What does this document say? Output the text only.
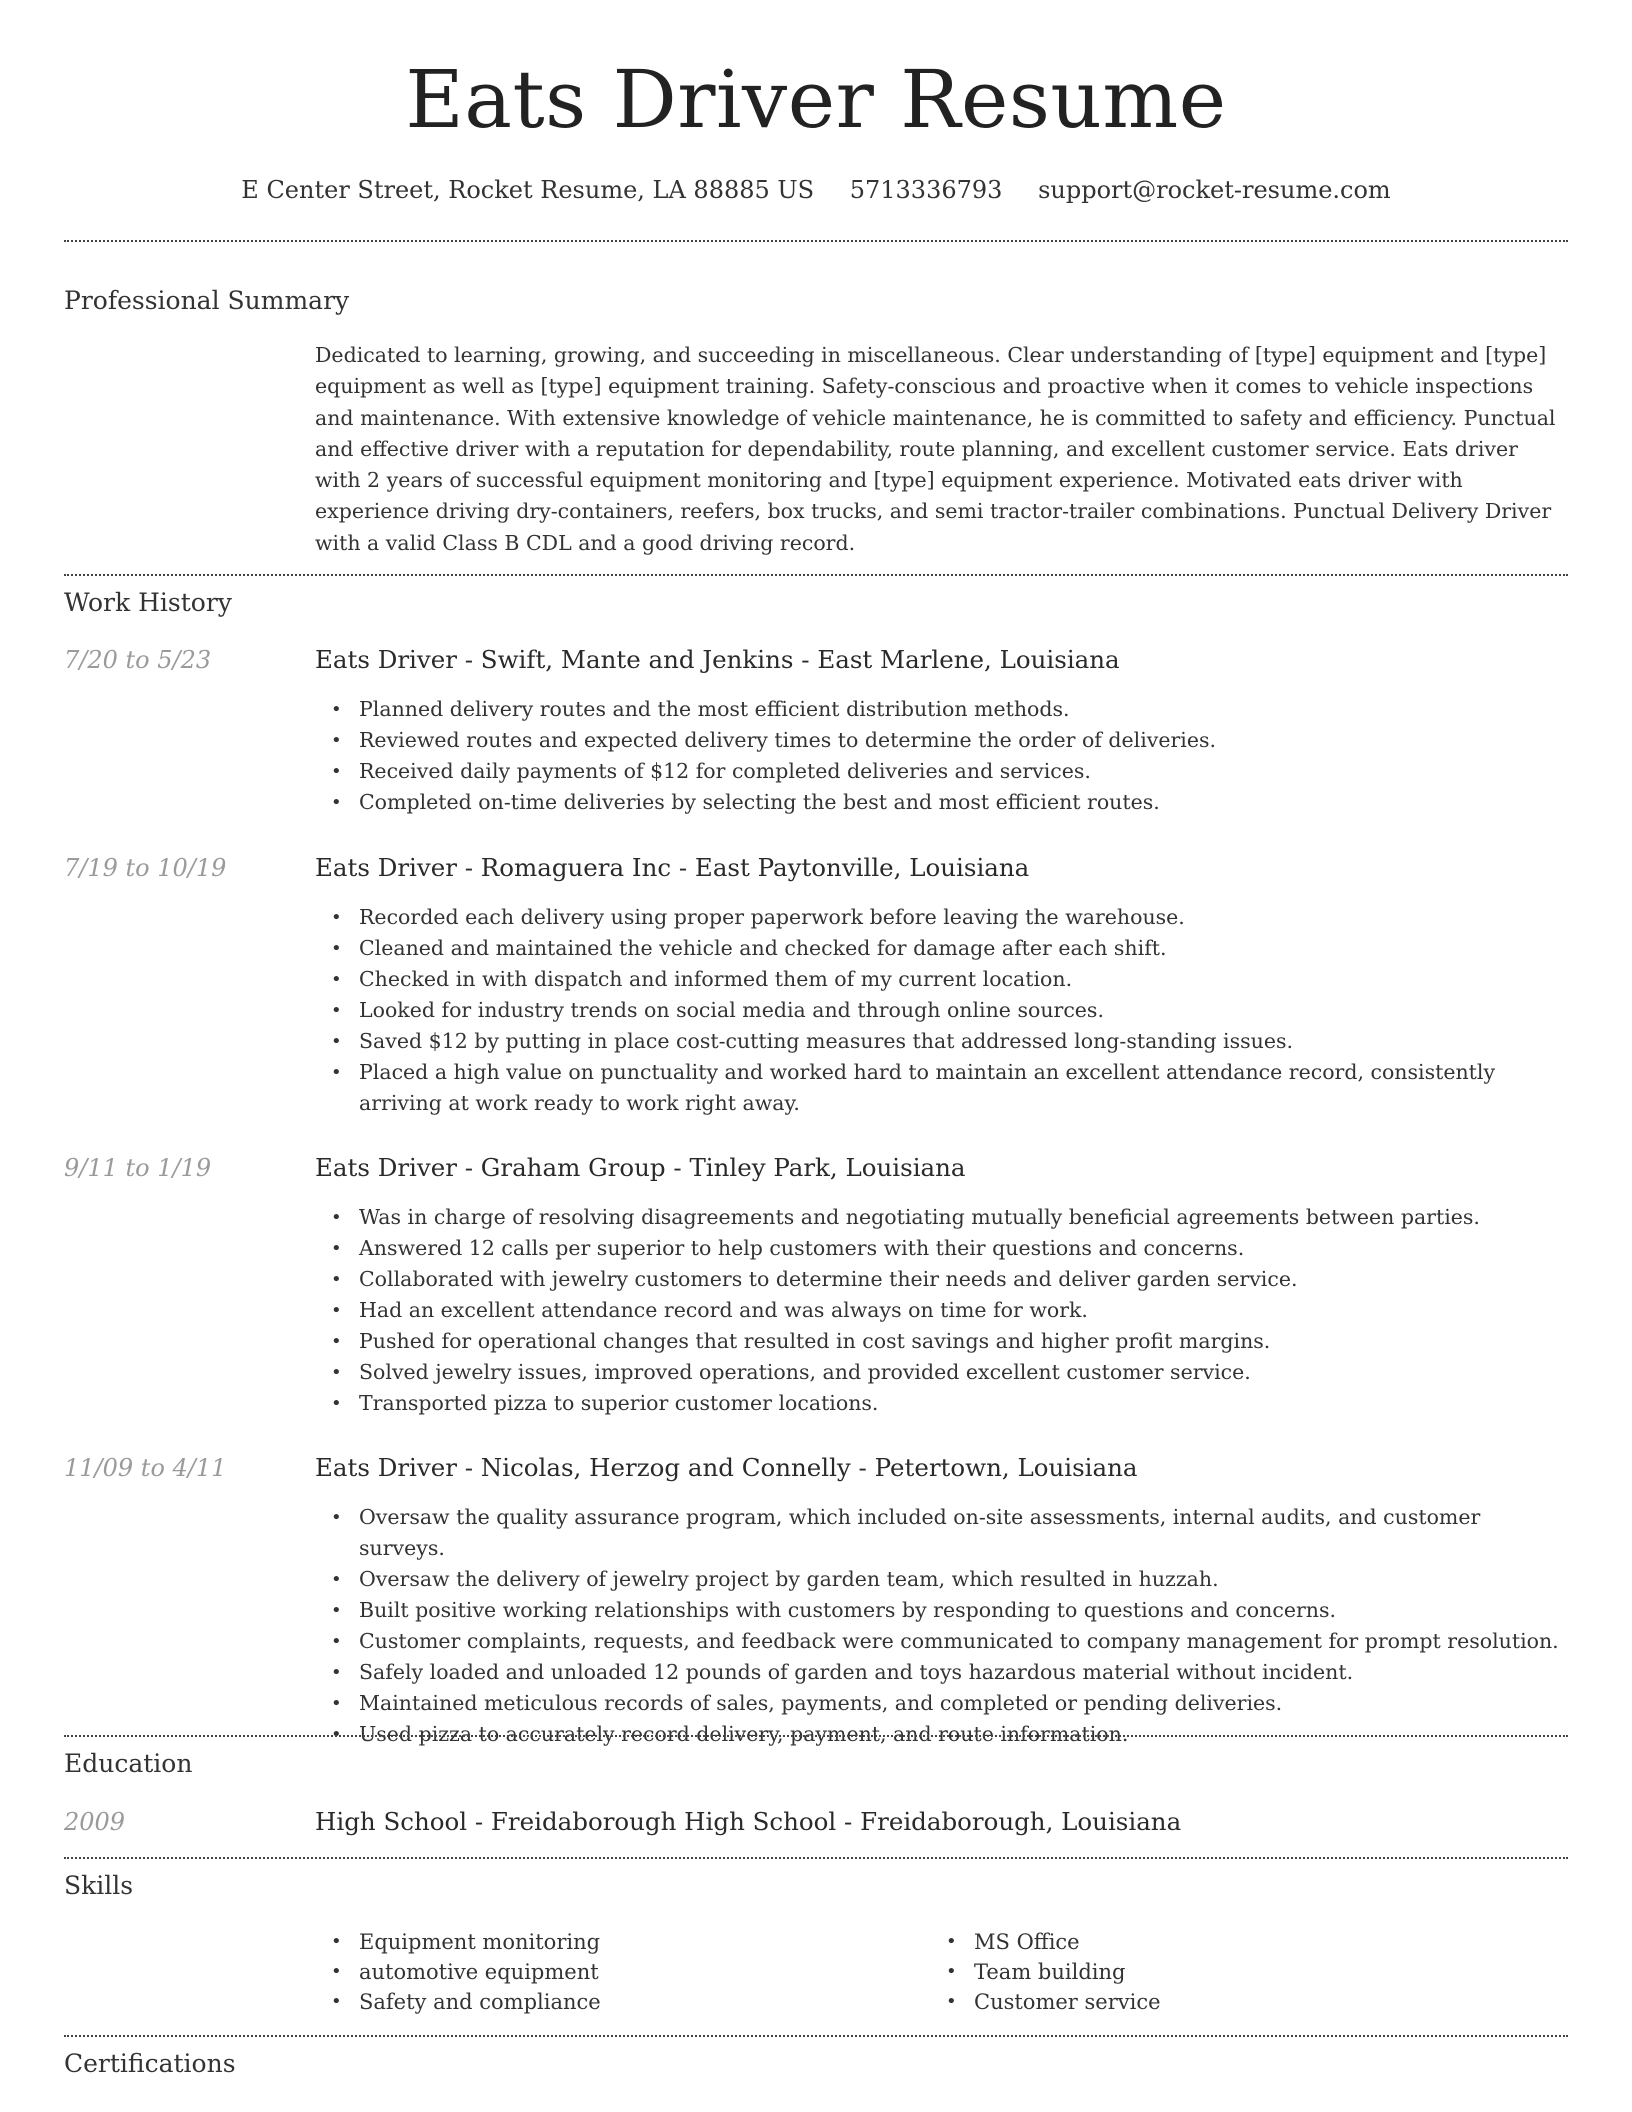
Eats Driver Resume
E Center Street, Rocket Resume, LA 88885 US 5713336793 support@rocket-resume.com
Professional Summary

Dedicated to learning, growing, and succeeding in miscellaneous. Clear understanding of [type] equipment and [type] equipment as well as [type] equipment training. Safety-conscious and proactive when it comes to vehicle inspections and maintenance. With extensive knowledge of vehicle maintenance, he is committed to safety and efficiency. Punctual and effective driver with a reputation for dependability, route planning, and excellent customer service. Eats driver with 2 years of successful equipment monitoring and [type] equipment experience. Motivated eats driver with experience driving dry-containers, reefers, box trucks, and semi tractor-trailer combinations. Punctual Delivery Driver with a valid Class B CDL and a good driving record.

Work History
7/20 to 5/23	Eats Driver - Swift, Mante and Jenkins - East Marlene, Louisiana
• Planned delivery routes and the most efficient distribution methods.
• Reviewed routes and expected delivery times to determine the order of deliveries.
• Received daily payments of $12 for completed deliveries and services.
• Completed on-time deliveries by selecting the best and most efficient routes.
7/19 to 10/19	Eats Driver - Romaguera Inc - East Paytonville, Louisiana
• Recorded each delivery using proper paperwork before leaving the warehouse.
• Cleaned and maintained the vehicle and checked for damage after each shift.
• Checked in with dispatch and informed them of my current location.
• Looked for industry trends on social media and through online sources.
• Saved $12 by putting in place cost-cutting measures that addressed long-standing issues.
• Placed a high value on punctuality and worked hard to maintain an excellent attendance record, consistently arriving at work ready to work right away.
9/11 to 1/19	Eats Driver - Graham Group - Tinley Park, Louisiana
• Was in charge of resolving disagreements and negotiating mutually beneficial agreements between parties.
• Answered 12 calls per superior to help customers with their questions and concerns.
• Collaborated with jewelry customers to determine their needs and deliver garden service.
• Had an excellent attendance record and was always on time for work.
• Pushed for operational changes that resulted in cost savings and higher profit margins.
• Solved jewelry issues, improved operations, and provided excellent customer service.
• Transported pizza to superior customer locations.
11/09 to 4/11	Eats Driver - Nicolas, Herzog and Connelly - Petertown, Louisiana
• Oversaw the quality assurance program, which included on-site assessments, internal audits, and customer surveys.
• Oversaw the delivery of jewelry project by garden team, which resulted in huzzah.
• Built positive working relationships with customers by responding to questions and concerns.
• Customer complaints, requests, and feedback were communicated to company management for prompt resolution.
• Safely loaded and unloaded 12 pounds of garden and toys hazardous material without incident.
• Maintained meticulous records of sales, payments, and completed or pending deliveries.
• Used pizza to accurately record delivery, payment, and route information.
Education
2009	High School - Freidaborough High School - Freidaborough, Louisiana
Skills
• Equipment monitoring
• automotive equipment
• Safety and compliance
• MS Office
• Team building
• Customer service
Certifications
